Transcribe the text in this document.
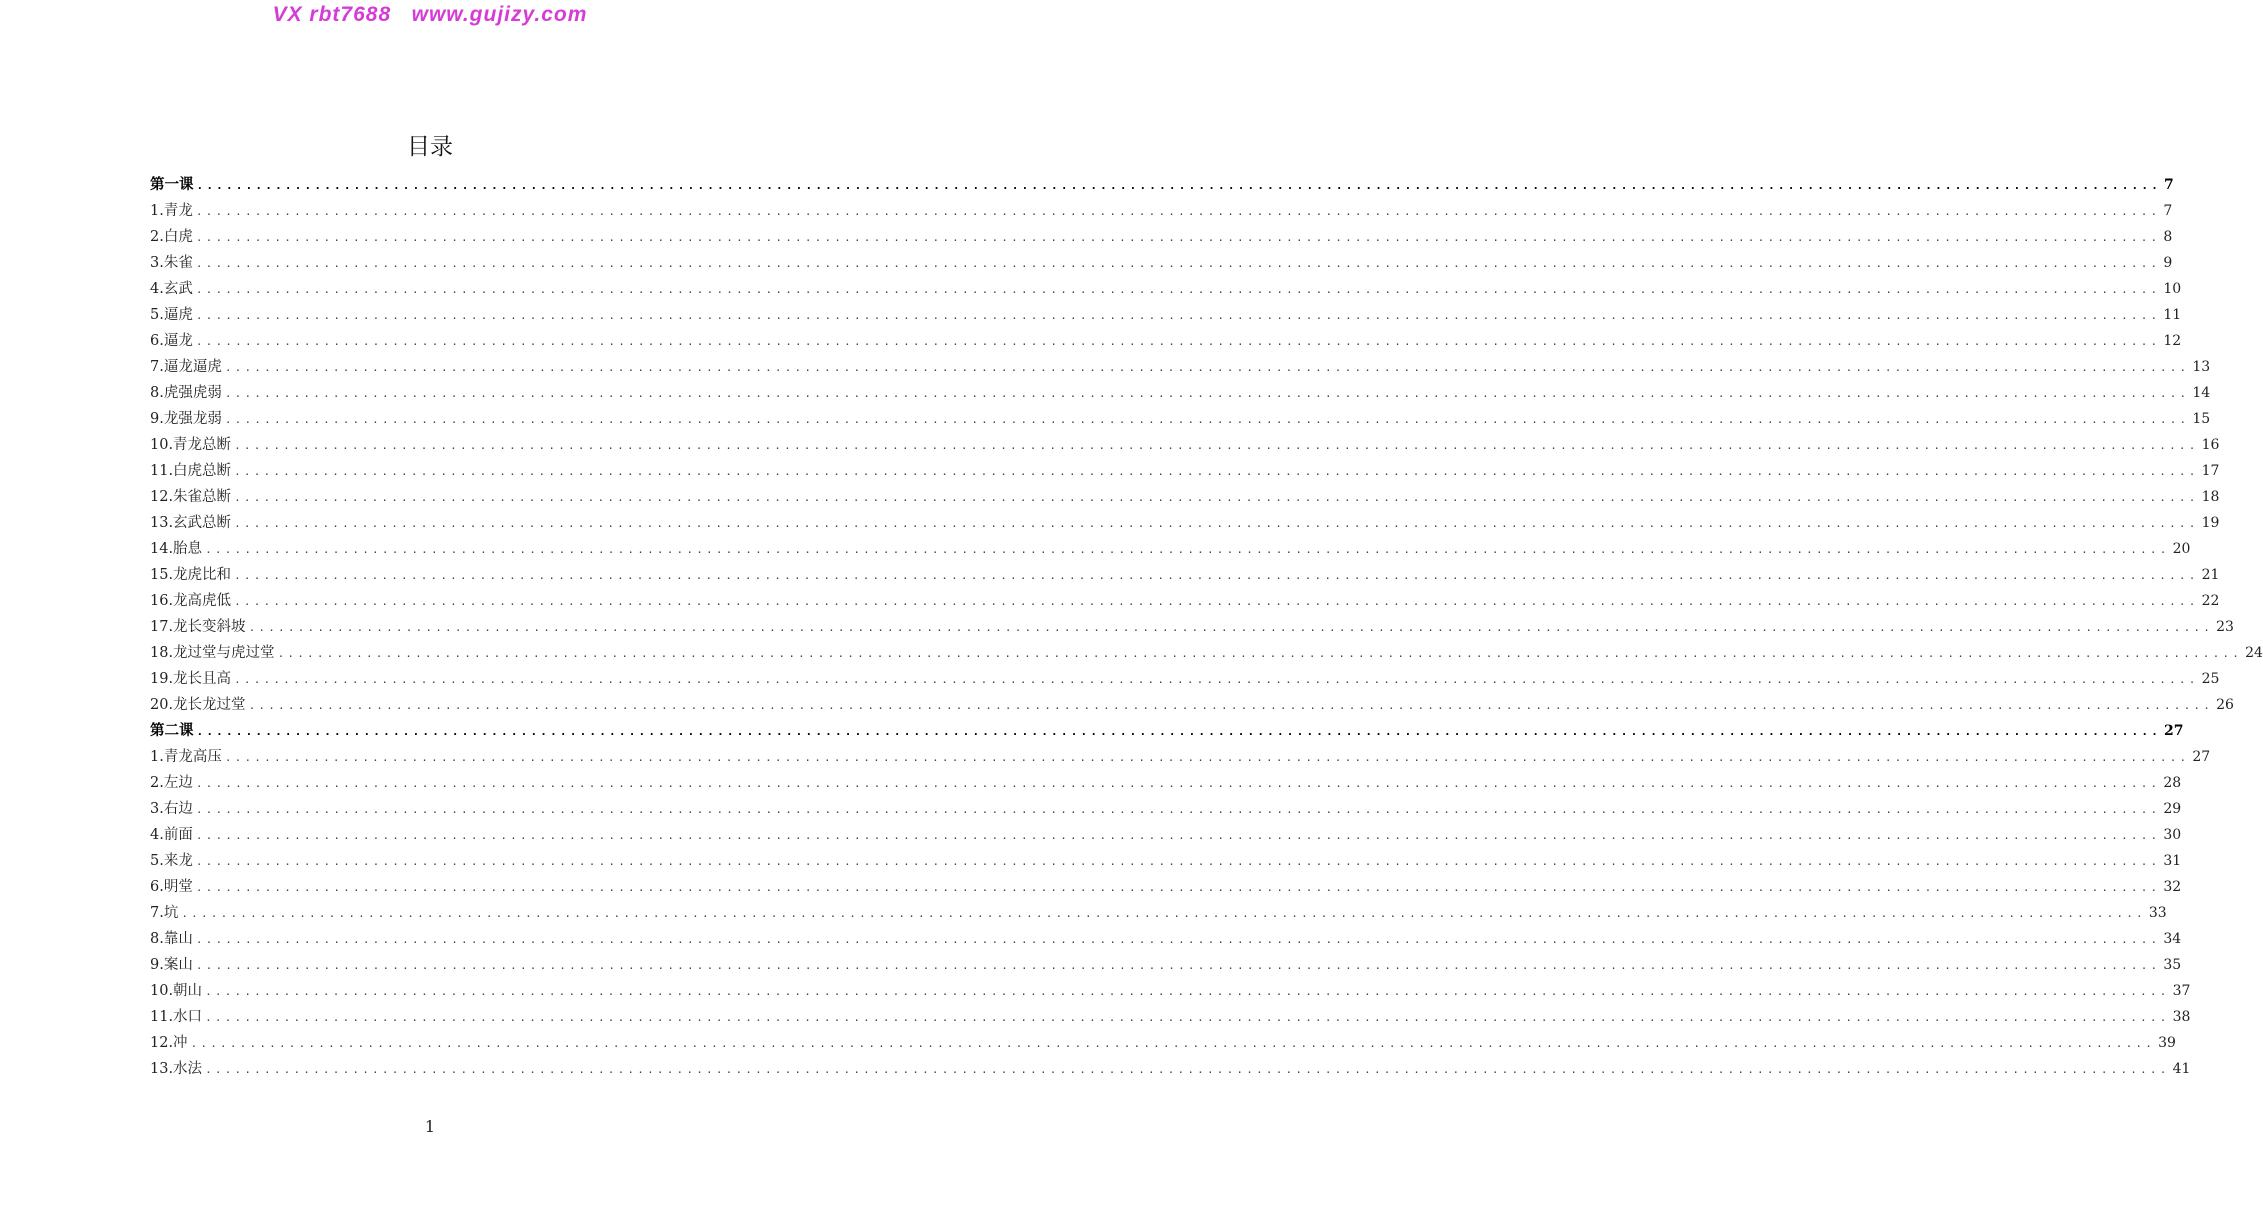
VX rbt7688   www.gujizy.com
目录
第一课 ........................................................................................................................................................................................................ 7
1.青龙 ........................................................................................................................................................................................................ 7
2.白虎 ........................................................................................................................................................................................................ 8
3.朱雀 ........................................................................................................................................................................................................ 9
4.玄武 ........................................................................................................................................................................................................ 10
5.逼虎 ........................................................................................................................................................................................................ 11
6.逼龙 ........................................................................................................................................................................................................ 12
7.逼龙逼虎 ........................................................................................................................................................................................................ 13
8.虎强虎弱 ........................................................................................................................................................................................................ 14
9.龙强龙弱 ........................................................................................................................................................................................................ 15
10.青龙总断 ........................................................................................................................................................................................................ 16
11.白虎总断 ........................................................................................................................................................................................................ 17
12.朱雀总断 ........................................................................................................................................................................................................ 18
13.玄武总断 ........................................................................................................................................................................................................ 19
14.胎息 ........................................................................................................................................................................................................ 20
15.龙虎比和 ........................................................................................................................................................................................................ 21
16.龙高虎低 ........................................................................................................................................................................................................ 22
17.龙长变斜坡 ........................................................................................................................................................................................................ 23
18.龙过堂与虎过堂 ........................................................................................................................................................................................................ 24
19.龙长且高 ........................................................................................................................................................................................................ 25
20.龙长龙过堂 ........................................................................................................................................................................................................ 26
第二课 ........................................................................................................................................................................................................ 27
1.青龙高压 ........................................................................................................................................................................................................ 27
2.左边 ........................................................................................................................................................................................................ 28
3.右边 ........................................................................................................................................................................................................ 29
4.前面 ........................................................................................................................................................................................................ 30
5.来龙 ........................................................................................................................................................................................................ 31
6.明堂 ........................................................................................................................................................................................................ 32
7.坑 ........................................................................................................................................................................................................ 33
8.靠山 ........................................................................................................................................................................................................ 34
9.案山 ........................................................................................................................................................................................................ 35
10.朝山 ........................................................................................................................................................................................................ 37
11.水口 ........................................................................................................................................................................................................ 38
12.冲 ........................................................................................................................................................................................................ 39
13.水法 ........................................................................................................................................................................................................ 41
1
